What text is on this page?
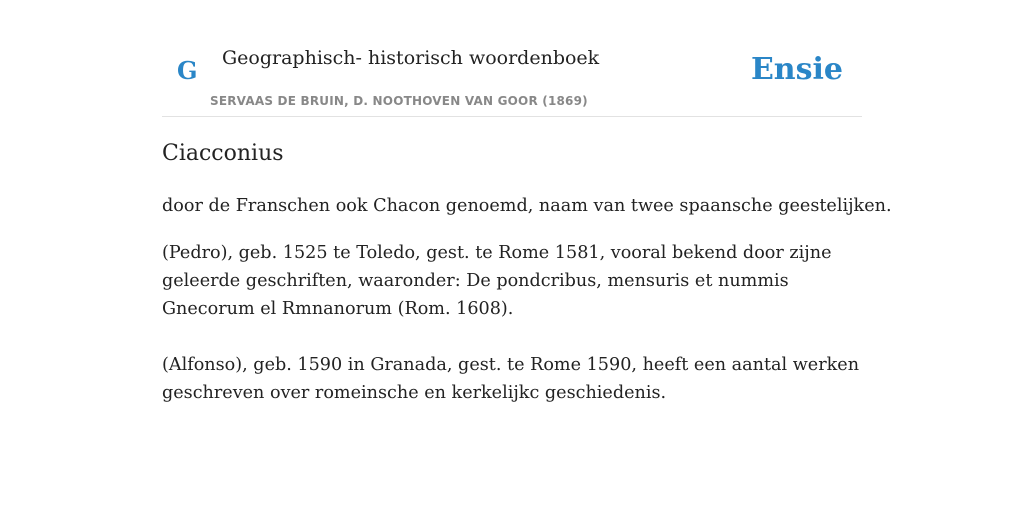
G Geographisch- historisch woordenboek
SERVAAS DE BRUIN, D. NOOTHOVEN VAN GOOR (1869)
Ensie
Ciacconius

door de Franschen ook Chacon genoemd, naam van twee spaansche geestelijken.

(Pedro), geb. 1525 te Toledo, gest. te Rome 1581, vooral bekend door zijne geleerde geschriften, waaronder: De pondcribus, mensuris et nummis Gnecorum el Rmnanorum (Rom. 1608).

(Alfonso), geb. 1590 in Granada, gest. te Rome 1590, heeft een aantal werken geschreven over romeinsche en kerkelijkc geschiedenis.
